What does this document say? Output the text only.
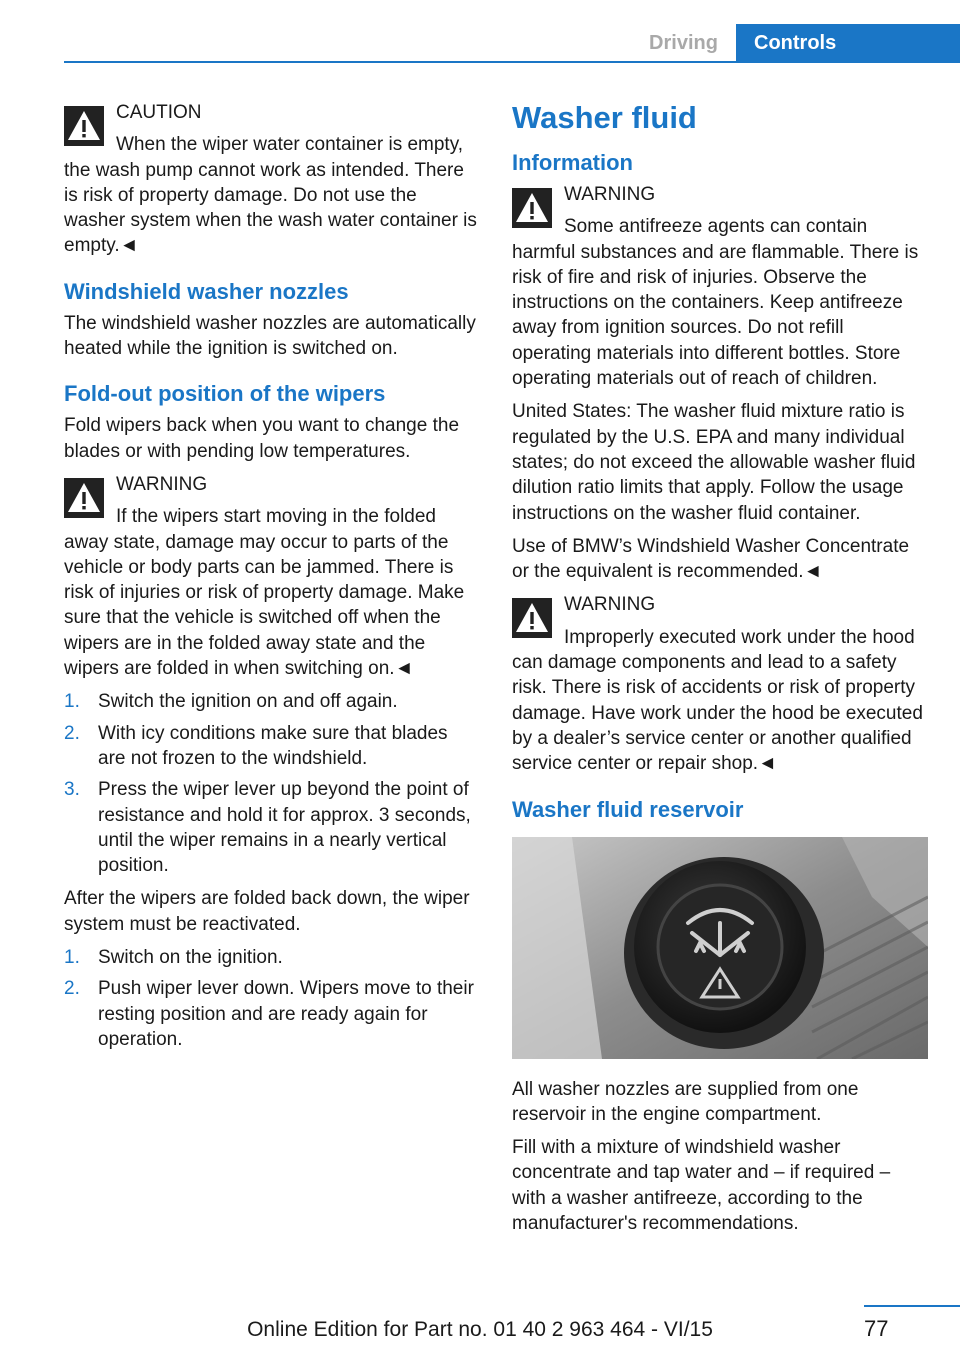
Driving	Controls
CAUTION
When the wiper water container is empty, the wash pump cannot work as intended. There is risk of property damage. Do not use the washer system when the wash water container is empty.◄
Windshield washer nozzles

The windshield washer nozzles are automatically heated while the ignition is switched on.

Fold-out position of the wipers

Fold wipers back when you want to change the blades or with pending low temperatures.

WARNING
If the wipers start moving in the folded away state, damage may occur to parts of the vehicle or body parts can be jammed. There is risk of injuries or risk of property damage. Make sure that the vehicle is switched off when the wipers are in the folded away state and the wipers are folded in when switching on.◄
1. Switch the ignition on and off again.
2. With icy conditions make sure that blades are not frozen to the windshield.
3. Press the wiper lever up beyond the point of resistance and hold it for approx. 3 seconds, until the wiper remains in a nearly vertical position.

After the wipers are folded back down, the wiper system must be reactivated.

1. Switch on the ignition.
2. Push wiper lever down. Wipers move to their resting position and are ready again for operation.
Washer fluid
Information
WARNING
Some antifreeze agents can contain harmful substances and are flammable. There is risk of fire and risk of injuries. Observe the instructions on the containers. Keep antifreeze away from ignition sources. Do not refill operating materials into different bottles. Store operating materials out of reach of children.

United States: The washer fluid mixture ratio is regulated by the U.S. EPA and many individual states; do not exceed the allowable washer fluid dilution ratio limits that apply. Follow the usage instructions on the washer fluid container.

Use of BMW’s Windshield Washer Concentrate or the equivalent is recommended.◄

WARNING
Improperly executed work under the hood can damage components and lead to a safety risk. There is risk of accidents or risk of property damage. Have work under the hood be executed by a dealer’s service center or another qualified service center or repair shop.◄
Washer fluid reservoir

All washer nozzles are supplied from one reservoir in the engine compartment.

Fill with a mixture of windshield washer concentrate and tap water and – if required – with a washer antifreeze, according to the manufacturer's recommendations.

77
Online Edition for Part no. 01 40 2 963 464 - VI/15
